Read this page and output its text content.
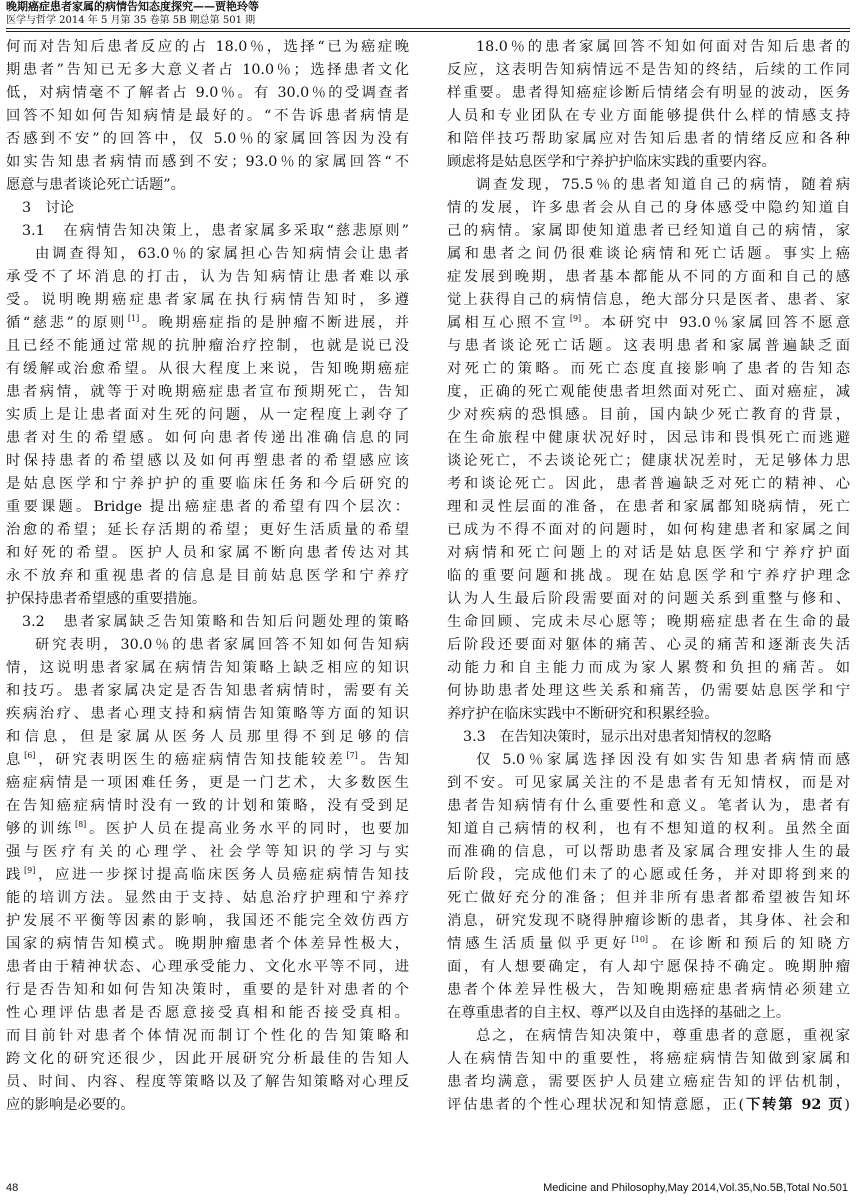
晚期癌症患者家属的病情告知态度探究——贾艳玲等
医学与哲学 2014 年 5 月第 35 卷第 5B 期总第 501 期
何而对告知后患者反应的占 18.0％，选择“已为癌症晚
期患者”告知已无多大意义者占 10.0％；选择患者文化
低，对病情毫不了解者占 9.0％。有 30.0％的受调查者
回答不知如何告知病情是最好的。“不告诉患者病情是
否感到不安”的回答中，仅 5.0％的家属回答因为没有
如实告知患者病情而感到不安；93.0％的家属回答“不
愿意与患者谈论死亡话题”。
3　讨论
3.1　在病情告知决策上，患者家属多采取“慈悲原则”
由调查得知，63.0％的家属担心告知病情会让患者
承受不了坏消息的打击，认为告知病情让患者难以承
受。说明晚期癌症患者家属在执行病情告知时，多遵
循“慈悲”的原则[1]。晚期癌症指的是肿瘤不断进展，并
且已经不能通过常规的抗肿瘤治疗控制，也就是说已没
有缓解或治愈希望。从很大程度上来说，告知晚期癌症
患者病情，就等于对晚期癌症患者宣布预期死亡，告知
实质上是让患者面对生死的问题，从一定程度上剥夺了
患者对生的希望感。如何向患者传递出准确信息的同
时保持患者的希望感以及如何再塑患者的希望感应该
是姑息医学和宁养护护的重要临床任务和今后研究的
重要课题。Bridge 提出癌症患者的希望有四个层次：
治愈的希望；延长存活期的希望；更好生活质量的希望
和好死的希望。医护人员和家属不断向患者传达对其
永不放弃和重视患者的信息是目前姑息医学和宁养疗
护保持患者希望感的重要措施。
3.2　患者家属缺乏告知策略和告知后问题处理的策略
研究表明，30.0％的患者家属回答不知如何告知病
情，这说明患者家属在病情告知策略上缺乏相应的知识
和技巧。患者家属决定是否告知患者病情时，需要有关
疾病治疗、患者心理支持和病情告知策略等方面的知识
和信息，但是家属从医务人员那里得不到足够的信
息[6]，研究表明医生的癌症病情告知技能较差[7]。告知
癌症病情是一项困难任务，更是一门艺术，大多数医生
在告知癌症病情时没有一致的计划和策略，没有受到足
够的训练[8]。医护人员在提高业务水平的同时，也要加
强与医疗有关的心理学、社会学等知识的学习与实
践[9]，应进一步探讨提高临床医务人员癌症病情告知技
能的培训方法。显然由于支持、姑息治疗护理和宁养疗
护发展不平衡等因素的影响，我国还不能完全效仿西方
国家的病情告知模式。晚期肿瘤患者个体差异性极大，
患者由于精神状态、心理承受能力、文化水平等不同，进
行是否告知和如何告知决策时，重要的是针对患者的个
性心理评估患者是否愿意接受真相和能否接受真相。
而目前针对患者个体情况而制订个性化的告知策略和
跨文化的研究还很少，因此开展研究分析最佳的告知人
员、时间、内容、程度等策略以及了解告知策略对心理反
应的影响是必要的。
18.0％的患者家属回答不知如何面对告知后患者的
反应，这表明告知病情远不是告知的终结，后续的工作同
样重要。患者得知癌症诊断后情绪会有明显的波动，医务
人员和专业团队在专业方面能够提供什么样的情感支持
和陪伴技巧帮助家属应对告知后患者的情绪反应和各种
顾虑将是姑息医学和宁养护护临床实践的重要内容。
调查发现，75.5％的患者知道自己的病情，随着病
情的发展，许多患者会从自己的身体感受中隐约知道自
己的病情。家属即使知道患者已经知道自己的病情，家
属和患者之间仍很难谈论病情和死亡话题。事实上癌
症发展到晚期，患者基本都能从不同的方面和自己的感
觉上获得自己的病情信息，绝大部分只是医者、患者、家
属相互心照不宣[9]。本研究中 93.0％家属回答不愿意
与患者谈论死亡话题。这表明患者和家属普遍缺乏面
对死亡的策略。而死亡态度直接影响了患者的告知态
度，正确的死亡观能使患者坦然面对死亡、面对癌症，减
少对疾病的恐惧感。目前，国内缺少死亡教育的背景，
在生命旅程中健康状况好时，因忌讳和畏惧死亡而逃避
谈论死亡，不去谈论死亡；健康状况差时，无足够体力思
考和谈论死亡。因此，患者普遍缺乏对死亡的精神、心
理和灵性层面的准备，在患者和家属都知晓病情，死亡
已成为不得不面对的问题时，如何构建患者和家属之间
对病情和死亡问题上的对话是姑息医学和宁养疗护面
临的重要问题和挑战。现在姑息医学和宁养疗护理念
认为人生最后阶段需要面对的问题关系到重整与修和、
生命回顾、完成未尽心愿等；晚期癌症患者在生命的最
后阶段还要面对躯体的痛苦、心灵的痛苦和逐渐丧失活
动能力和自主能力而成为家人累赘和负担的痛苦。如
何协助患者处理这些关系和痛苦，仍需要姑息医学和宁
养疗护在临床实践中不断研究和积累经验。
3.3　在告知决策时，显示出对患者知情权的忽略
仅 5.0％家属选择因没有如实告知患者病情而感
到不安。可见家属关注的不是患者有无知情权，而是对
患者告知病情有什么重要性和意义。笔者认为，患者有
知道自己病情的权利，也有不想知道的权利。虽然全面
而准确的信息，可以帮助患者及家属合理安排人生的最
后阶段，完成他们未了的心愿或任务，并对即将到来的
死亡做好充分的准备；但并非所有患者都希望被告知坏
消息，研究发现不晓得肿瘤诊断的患者，其身体、社会和
情感生活质量似乎更好[10]。在诊断和预后的知晓方
面，有人想要确定，有人却宁愿保持不确定。晚期肿瘤
患者个体差异性极大，告知晚期癌症患者病情必须建立
在尊重患者的自主权、尊严以及自由选择的基础之上。
总之，在病情告知决策中，尊重患者的意愿，重视家
人在病情告知中的重要性，将癌症病情告知做到家属和
患者均满意，需要医护人员建立癌症告知的评估机制，
评估患者的个性心理状况和知情意愿，正(下转第 92 页)
48	Medicine and Philosophy,May 2014,Vol.35,No.5B,Total No.501
